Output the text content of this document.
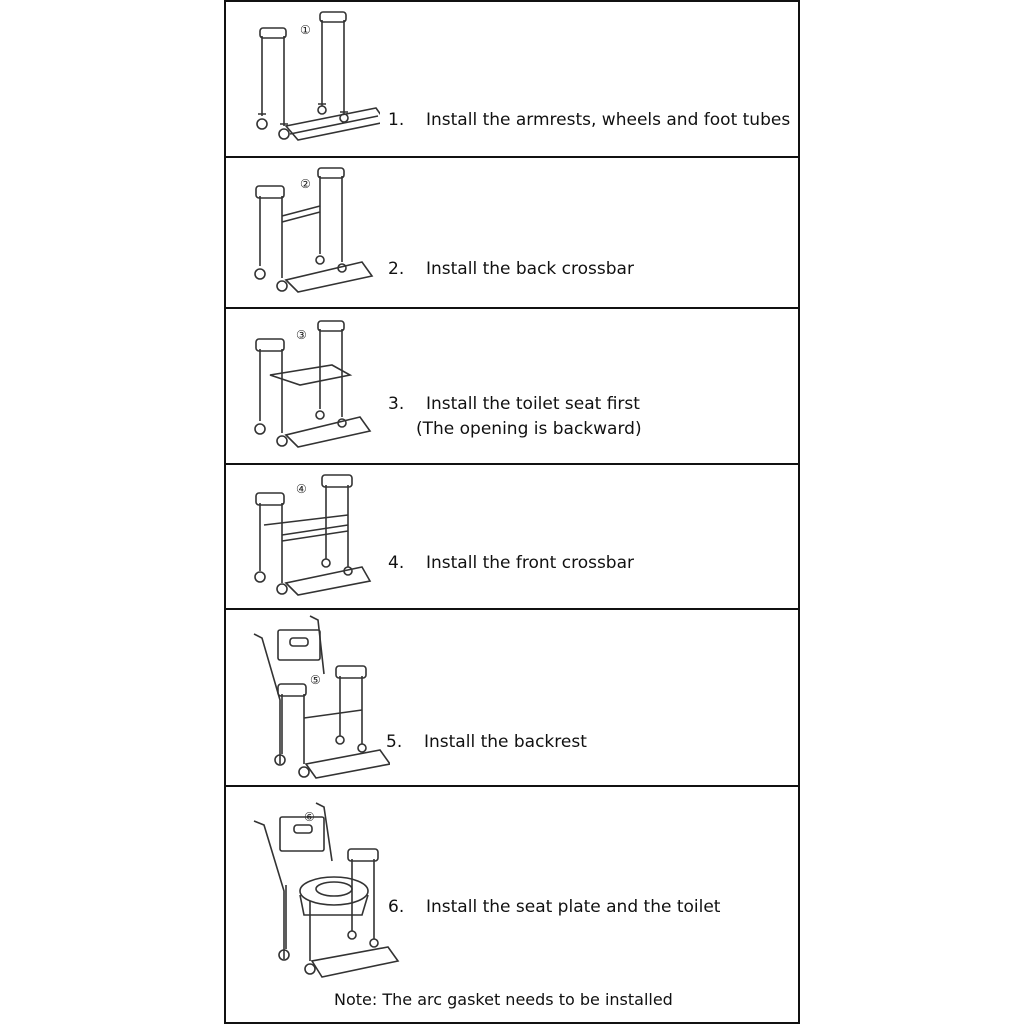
①
1. Install the armrests, wheels and foot tubes
②
2. Install the back crossbar
③
3. Install the toilet seat first
(The opening is backward)
④
4. Install the front crossbar
⑤
5. Install the backrest
⑥
6. Install the seat plate and the toilet
Note: The arc gasket needs to be installed
